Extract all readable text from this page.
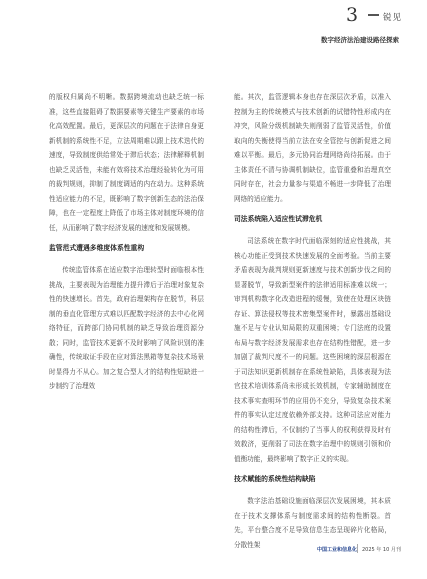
3	锐见
数字经济法治建设路径探索

的版权归属尚不明晰。数据跨境流动也缺乏统一标准，这些直接阻碍了数据要素等关键生产要素的市场化高效配置。最后，更深层次的问题在于法律自身更新机制的系统性不足，立法周期难以跟上技术迭代的速度，导致制度供给常处于滞后状态；法律解释机制也缺乏灵活性，未能有效将技术治理经验转化为可用的裁判规则，抑制了制度调适的内在动力。这种系统性适应能力的不足，既影响了数字创新生态的法治保障，也在一定程度上降低了市场主体对制度环境的信任，从而影响了数字经济发展的速度和发展规模。

监管范式遭遇多维度体系性重构

传统监管体系在适应数字治理转型时面临根本性挑战，主要表现为治理能力提升滞后于治理对象复杂性的快速增长。首先，政府治理架构存在脱节，科层制的垂直化管理方式难以匹配数字经济的去中心化网络特征，而跨部门协同机制的缺乏导致治理资源分散；同时，监管技术更新不及时影响了风险识别的准确性，传统取证手段在应对算法黑箱等复杂技术场景时显得力不从心。加之复合型人才的结构性短缺进一步制约了治理效

能。其次，监管逻辑本身也存在深层次矛盾，以准入控制为主的传统模式与技术创新的试错特性形成内在冲突，风险分级机制缺失则削弱了监管灵活性，价值取向的失衡使得当前立法在安全管控与创新促进之间难以平衡。最后，多元协同治理网络尚待拓展。由于主体责任不清与协调机制缺位，监管重叠和治理真空同时存在，社会力量参与渠道不畅进一步降低了治理网络的适应能力。

司法系统陷入适应性试滞危机

司法系统在数字时代面临深刻的适应性挑战，其核心功能正受到技术快速发展的全面考验。当前主要矛盾表现为裁判规则更新速度与技术创新步伐之间的显著脱节，导致新型案件的法律适用标准难以统一；审判机构数字化改造进程的缓慢，致使在处理区块链存证、算法侵权等技术密集型案件时，暴露出基础设施不足与专业认知局限的双重困境；专门法庭的设置布局与数字经济发展需求也存在结构性错配，进一步加剧了裁判尺度不一的问题。这些困境的深层根源在于司法知识更新机制存在系统性缺陷，具体表现为法官技术培训体系尚未形成长效机制，专家辅助制度在技术事实查明环节的应用仍不充分，导致复杂技术案件的事实认定过度依赖外部支持。这种司法应对能力的结构性滞后，不仅制约了当事人的权利获得及时有效救济，更削弱了司法在数字治理中的规则引领和价值衡功能，最终影响了数字正义的实现。

技术赋能的系统性结构缺陷

数字法治基础设施面临深层次发展困境，其本质在于技术支撑体系与制度需求间的结构性断裂。首先，平台整合度不足导致信息生态呈现碎片化格局，分散性架

中国工业和信息化 2025 年 10 月刊
